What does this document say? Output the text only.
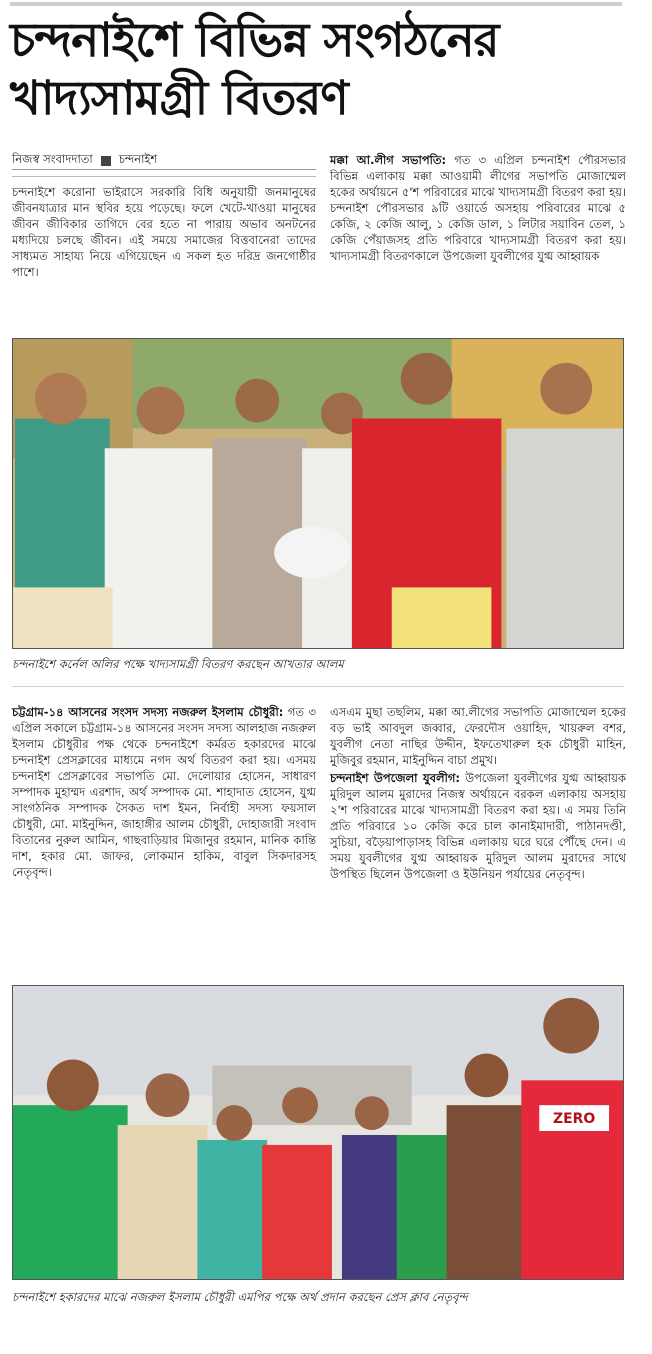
চন্দনাইশে বিভিন্ন সংগঠনের
খাদ্যসামগ্রী বিতরণ
নিজস্ব সংবাদদাতা চন্দনাইশ

চন্দনাইশে করোনা ভাইরাসে সরকারি বিধি অনুযায়ী জনমানুষের জীবনযাত্রার মান স্থবির হয়ে পড়েছে। ফলে খেটে-খাওয়া মানুষের জীবন জীবিকার তাগিদে বের হতে না পারায় অভাব অনটনের মধ্যদিয়ে চলছে জীবন। এই সময়ে সমাজের বিত্তবানেরা তাদের সাধ্যমত সাহায্য নিয়ে এগিয়েছেন এ সকল হত দরিদ্র জনগোষ্ঠীর পাশে।

মক্কা আ.লীগ সভাপতি: গত ৩ এপ্রিল চন্দনাইশ পৌরসভার বিভিন্ন এলাকায় মক্কা আওয়ামী লীগের সভাপতি মোজাম্মেল হকের অর্থায়নে ৫'শ পরিবারের মাঝে খাদ্যসামগ্রী বিতরণ করা হয়। চন্দনাইশ পৌরসভার ৯টি ওয়ার্ডে অসহায় পরিবারের মাঝে ৫ কেজি, ২ কেজি আলু, ১ কেজি ডাল, ১ লিটার সয়াবিন তেল, ১ কেজি পেঁয়াজসহ প্রতি পরিবারে খাদ্যসামগ্রী বিতরণ করা হয়। খাদ্যসামগ্রী বিতরণকালে উপজেলা যুবলীগের যুগ্ম আহ্বায়ক

চন্দনাইশে কর্নেল অলির পক্ষে খাদ্যসামগ্রী বিতরণ করছেন আখতার আলম

চট্টগ্রাম-১৪ আসনের সংসদ সদস্য নজরুল ইসলাম চৌধুরী: গত ৩ এপ্রিল সকালে চট্টগ্রাম-১৪ আসনের সংসদ সদস্য আলহাজ নজরুল ইসলাম চৌধুরীর পক্ষ থেকে চন্দনাইশে কর্মরত হকারদের মাঝে চন্দনাইশ প্রেসক্লাবের মাধ্যমে নগদ অর্থ বিতরণ করা হয়। এসময় চন্দনাইশ প্রেসক্লাবের সভাপতি মো. দেলোয়ার হোসেন, সাধারণ সম্পাদক মুহাম্মদ এরশাদ, অর্থ সম্পাদক মো. শাহাদাত হোসেন, যুগ্ম সাংগঠনিক সম্পাদক সৈকত দাশ ইমন, নির্বাহী সদস্য ফয়সাল চৌধুরী, মো. মাইনুদ্দিন, জাহাঙ্গীর আলম চৌধুরী, দোহাজারী সংবাদ বিতানের নুরুল আমিন, গাছবাড়িয়ার মিজানুর রহমান, মানিক কান্তি দাশ, হকার মো. জাফর, লোকমান হাকিম, বাবুল সিকদারসহ নেতৃবৃন্দ।

এসএম মুছা তছলিম, মক্কা আ.লীগের সভাপতি মোজাম্মেল হকের বড় ভাই আবদুল জব্বার, ফেরদৌস ওয়াহিদ, খায়রুল বশর, যুবলীগ নেতা নাছির উদ্দীন, ইফতেখারুল হক চৌধুরী মাহিন, মুজিবুর রহমান, মাইনুদ্দিন বাচা প্রমুখ।

চন্দনাইশ উপজেলা যুবলীগ: উপজেলা যুবলীগের যুগ্ম আহ্বায়ক মুরিদুল আলম মুরাদের নিজস্ব অর্থায়নে বরকল এলাকায় অসহায় ২'শ পরিবারের মাঝে খাদ্যসামগ্রী বিতরণ করা হয়। এ সময় তিনি প্রতি পরিবারে ১০ কেজি করে চাল কানাইমাদারী, পাঠানদণ্ডী, সুচিয়া, বড়ৈয়াপাড়াসহ বিভিন্ন এলাকায় ঘরে ঘরে পৌঁছে দেন। এ সময় যুবলীগের যুগ্ম আহ্বায়ক মুরিদুল আলম মুরাদের সাথে উপস্থিত ছিলেন উপজেলা ও ইউনিয়ন পর্যায়ের নেতৃবৃন্দ।

ZERO

চন্দনাইশে হকারদের মাঝে নজরুল ইসলাম চৌধুরী এমপির পক্ষে অর্থ প্রদান করছেন প্রেস ক্লাব নেতৃবৃন্দ
